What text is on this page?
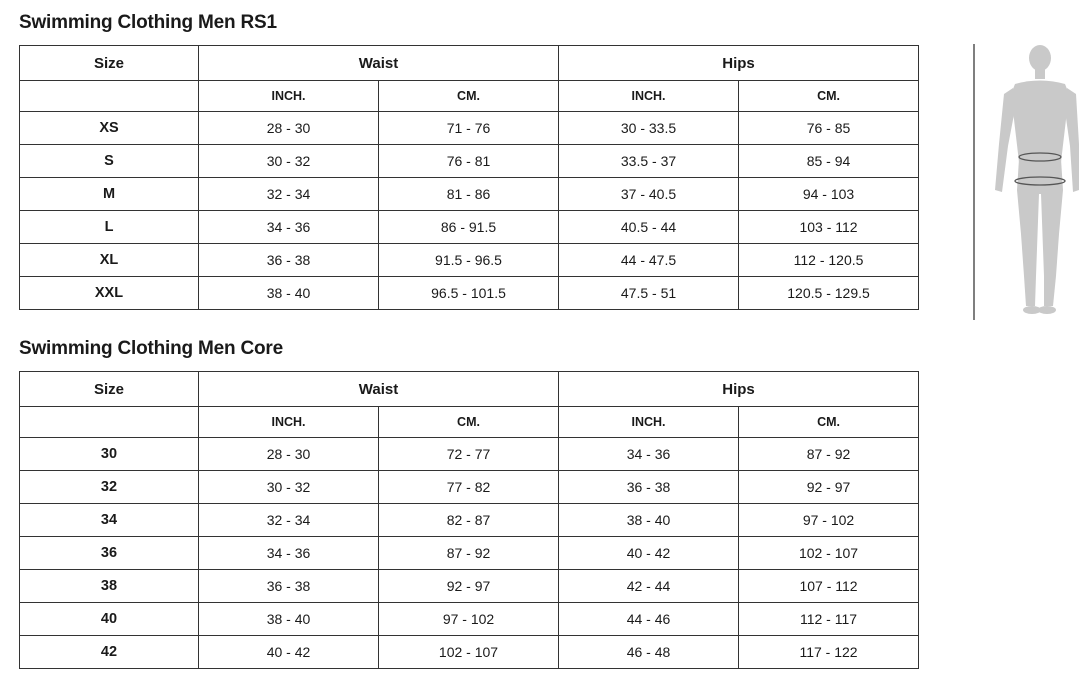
Swimming Clothing Men RS1
Size	Waist		Hips	
	INCH.	CM.	INCH.	CM.
XS	28 - 30	71 - 76	30 - 33.5	76 - 85
S	30 - 32	76 - 81	33.5 - 37	85 - 94
M	32 - 34	81 - 86	37 - 40.5	94 - 103
L	34 - 36	86 - 91.5	40.5 - 44	103 - 112
XL	36 - 38	91.5 - 96.5	44 - 47.5	112 - 120.5
XXL	38 - 40	96.5 - 101.5	47.5 - 51	120.5 - 129.5
Swimming Clothing Men Core
Size	Waist		Hips	
	INCH.	CM.	INCH.	CM.
30	28 - 30	72 - 77	34 - 36	87 - 92
32	30 - 32	77 - 82	36 - 38	92 - 97
34	32 - 34	82 - 87	38 - 40	97 - 102
36	34 - 36	87 - 92	40 - 42	102 - 107
38	36 - 38	92 - 97	42 - 44	107 - 112
40	38 - 40	97 - 102	44 - 46	112 - 117
42	40 - 42	102 - 107	46 - 48	117 - 122
